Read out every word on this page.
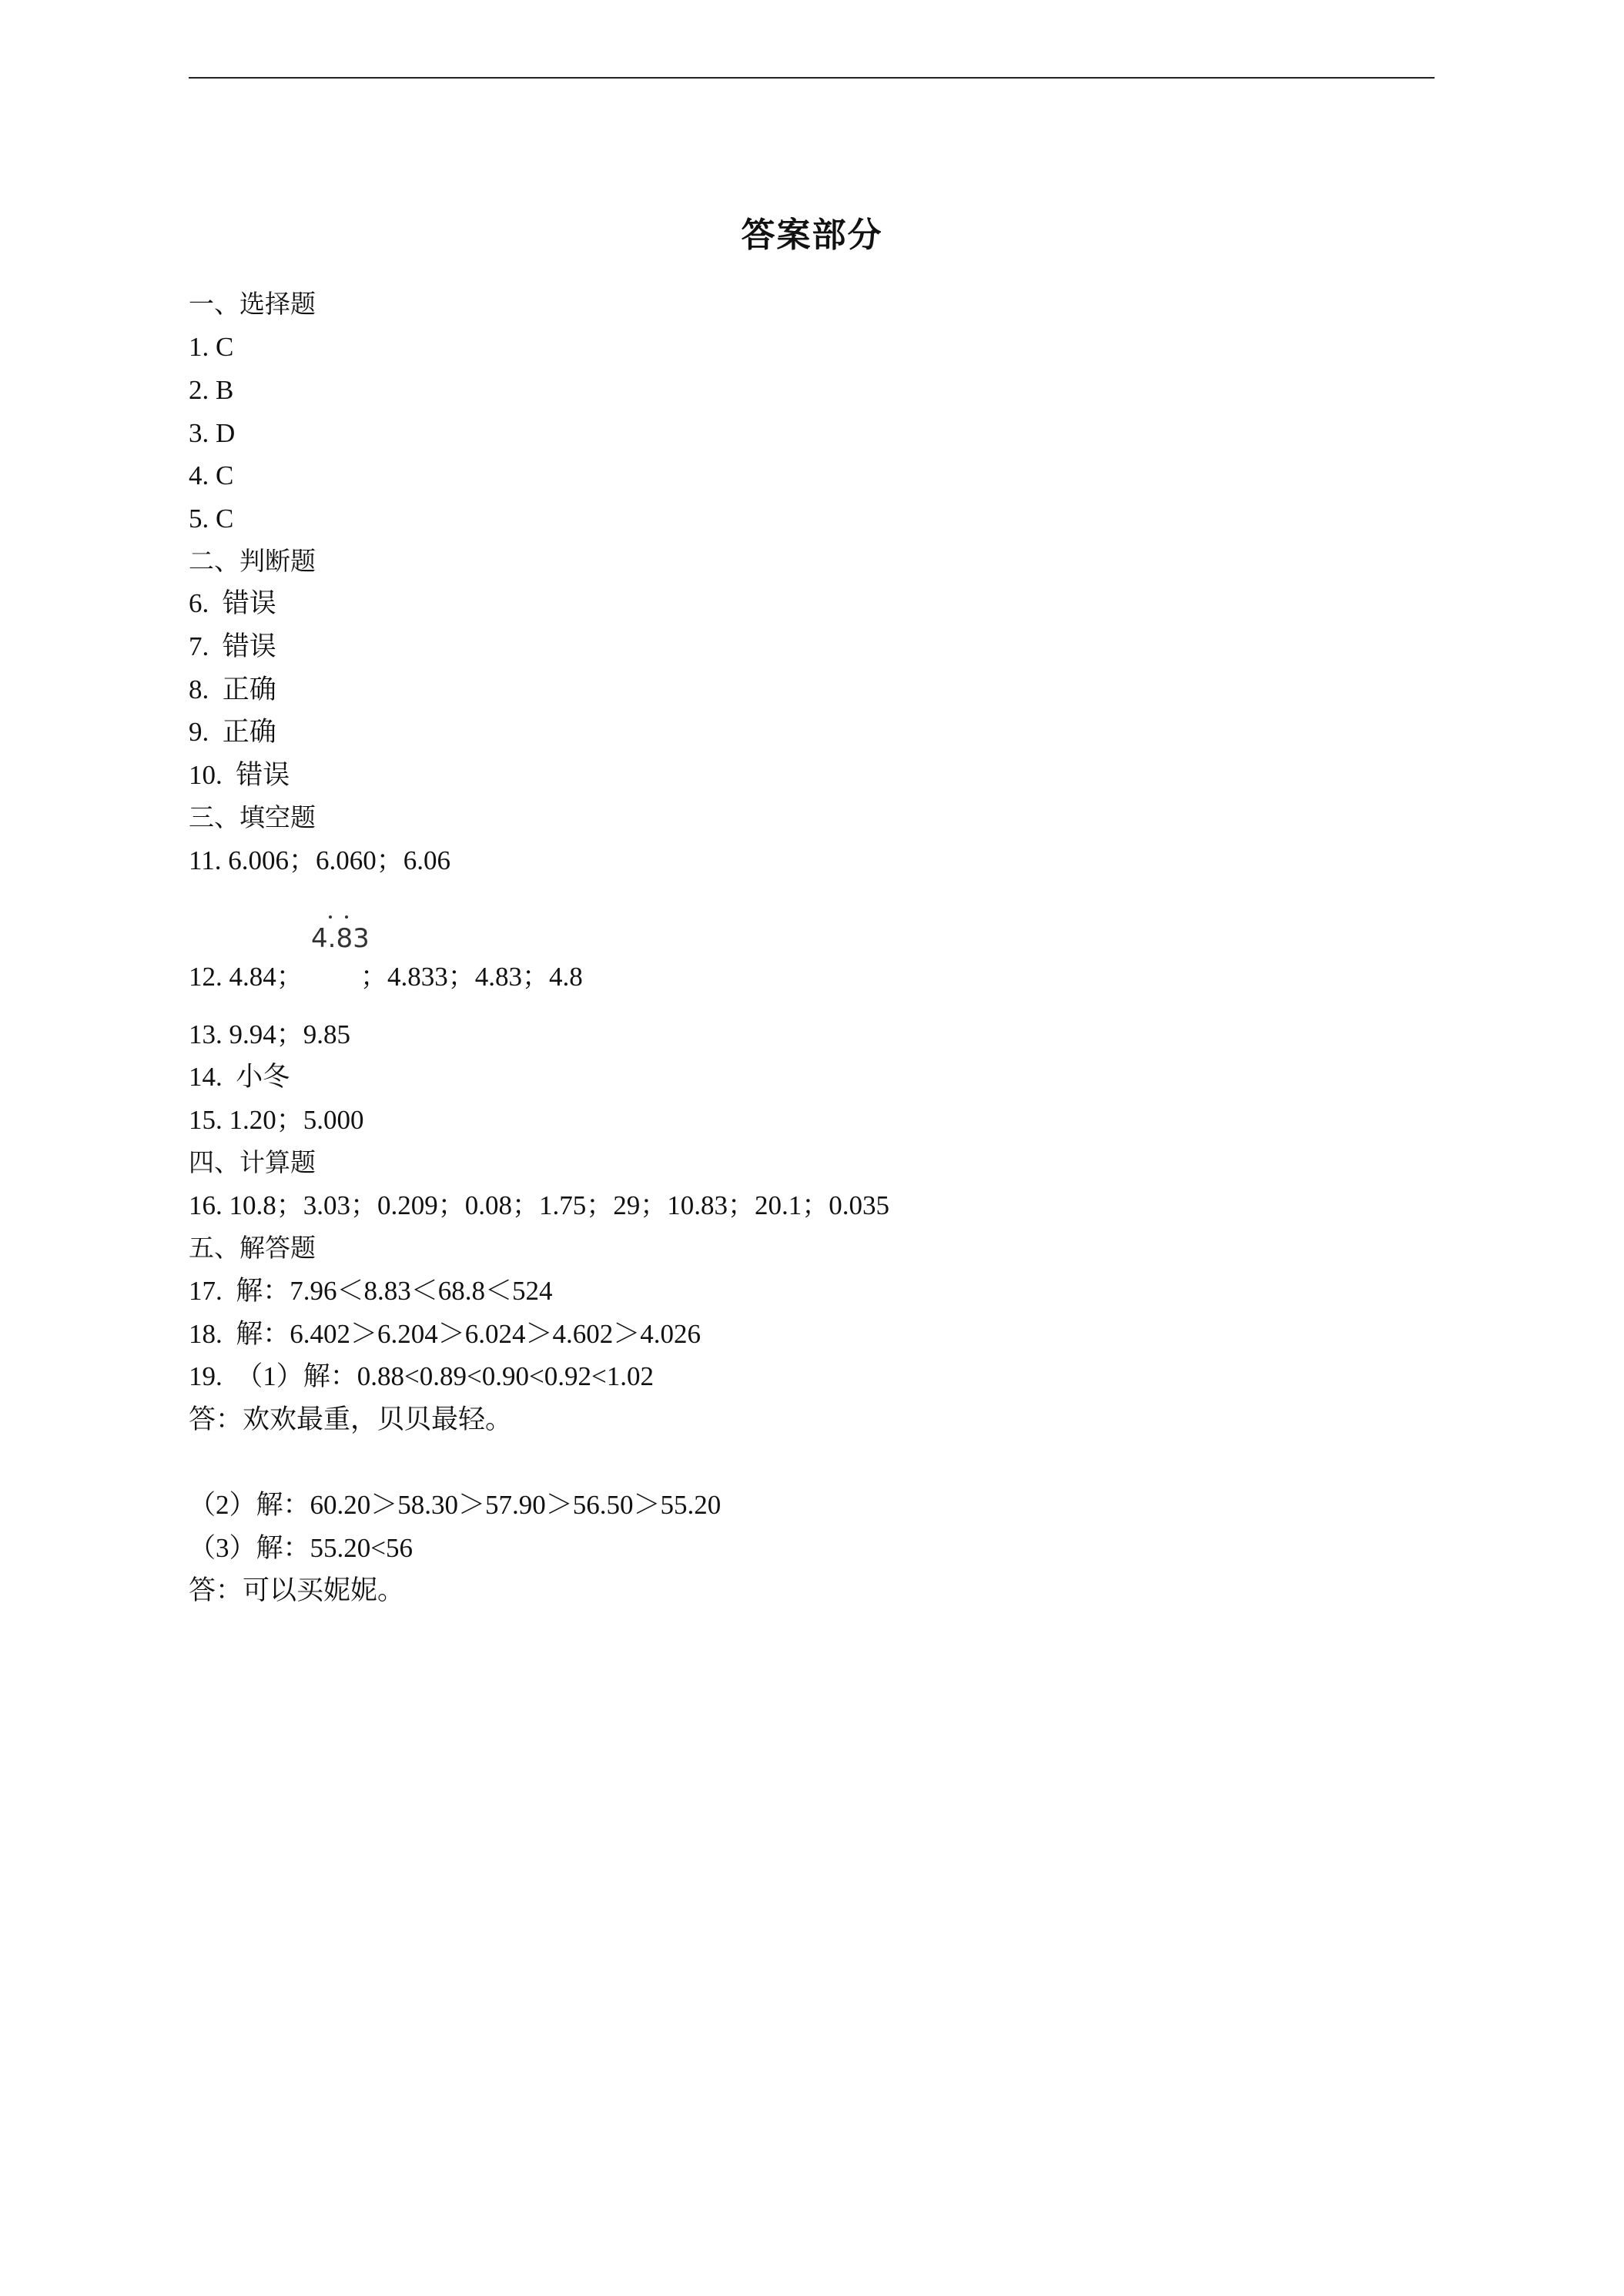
答案部分
一、选择题
1. C
2. B
3. D
4. C
5. C
二、判断题
6.  错误
7.  错误
8.  正确
9.  正确
10.  错误
三、填空题
11. 6.006；6.060；6.06
12. 4.84；
4.83
；4.833；4.83；4.8
13. 9.94；9.85
14.  小冬
15. 1.20；5.000
四、计算题
16. 10.8；3.03；0.209；0.08；1.75；29；10.83；20.1；0.035
五、解答题
17.  解：7.96＜8.83＜68.8＜524
18.  解：6.402＞6.204＞6.024＞4.602＞4.026
19.  （1）解：0.88<0.89<0.90<0.92<1.02
答：欢欢最重，贝贝最轻。
（2）解：60.20＞58.30＞57.90＞56.50＞55.20
（3）解：55.20<56
答：可以买妮妮。
